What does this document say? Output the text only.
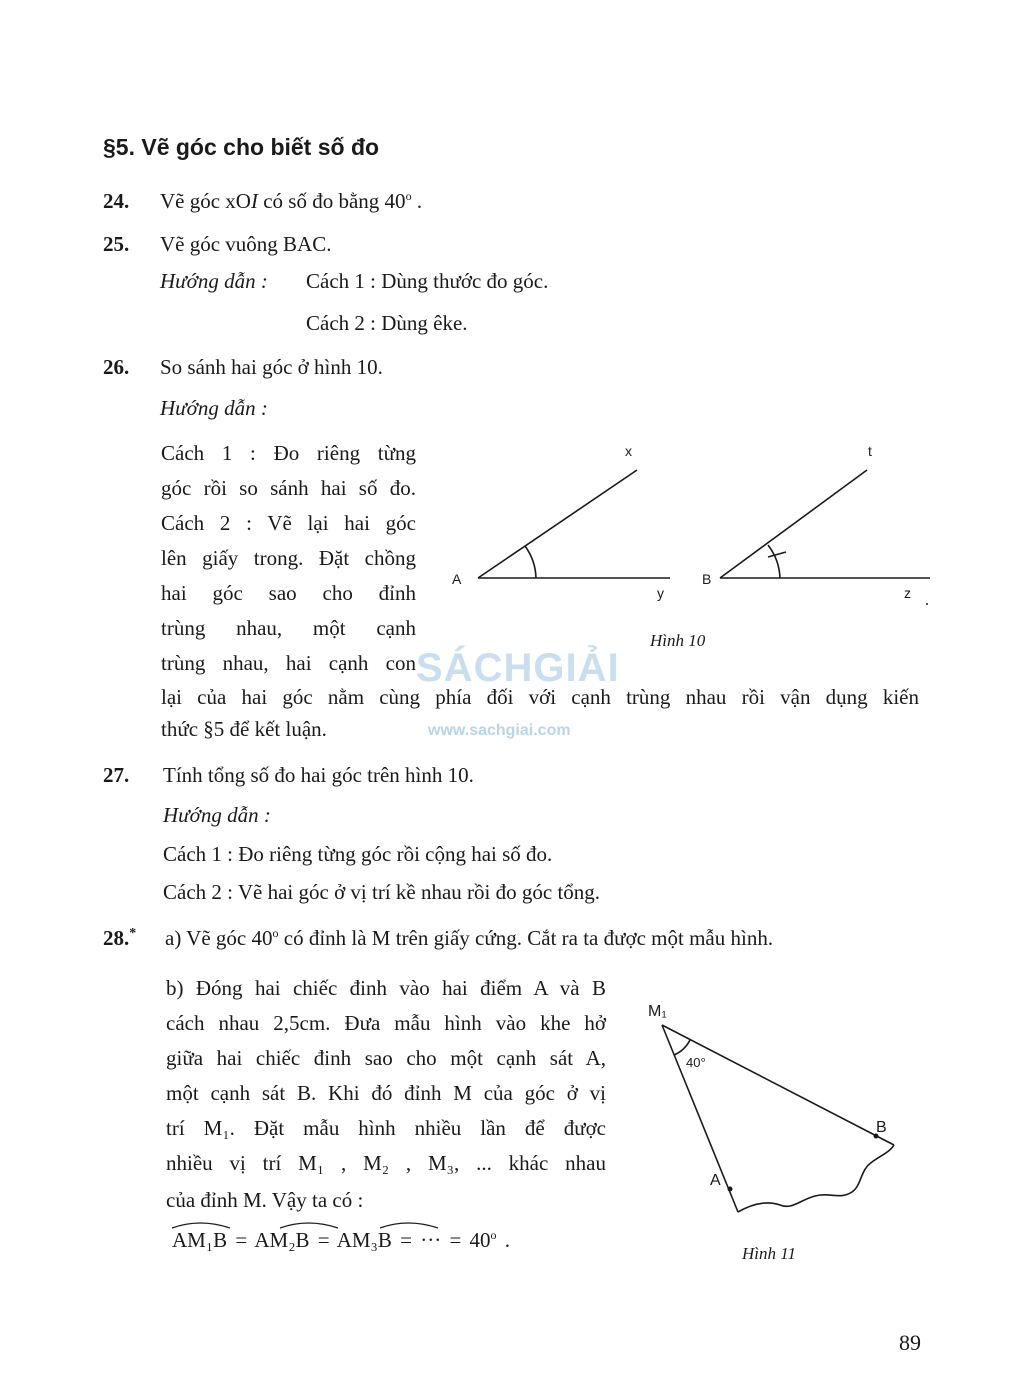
§5. Vẽ góc cho biết số đo
24. Vẽ góc xOI có số đo bằng 40$^o$ .
25. Vẽ góc vuông BAC.
Hướng dẫn : Cách 1 : Dùng thước đo góc.
Cách 2 : Dùng êke.
26. So sánh hai góc ở hình 10.
Hướng dẫn :
Cách 1 : Đo riêng từng
góc rồi so sánh hai số đo.
Cách 2 : Vẽ lại hai góc
lên giấy trong. Đặt chồng
hai góc sao cho đỉnh
trùng nhau, một cạnh
trùng nhau, hai cạnh con
lại của hai góc nằm cùng phía đối với cạnh trùng nhau rồi vận dụng kiến
thức §5 để kết luận.
A
x
y
B
t
z
Hình 10
SÁCHGIẢI
www.sachgiai.com
27. Tính tổng số đo hai góc trên hình 10.
Hướng dẫn :
Cách 1 : Đo riêng từng góc rồi cộng hai số đo.
Cách 2 : Vẽ hai góc ở vị trí kề nhau rồi đo góc tổng.
28.* a) Vẽ góc 40$^o$ có đỉnh là M trên giấy cứng. Cắt ra ta được một mẫu hình.
b) Đóng hai chiếc đinh vào hai điểm A và B
cách nhau 2,5cm. Đưa mẫu hình vào khe hở
giữa hai chiếc đinh sao cho một cạnh sát A,
một cạnh sát B. Khi đó đỉnh M của góc ở vị
trí M₁. Đặt mẫu hình nhiều lần để được
nhiều vị trí M₁ , M₂ , M₃, ... khác nhau
của đỉnh M. Vậy ta có :
AM₁B = AM₂B = AM₃B = ··· = $40^o$ .
M₁
40°
A
B
Hình 11
89
